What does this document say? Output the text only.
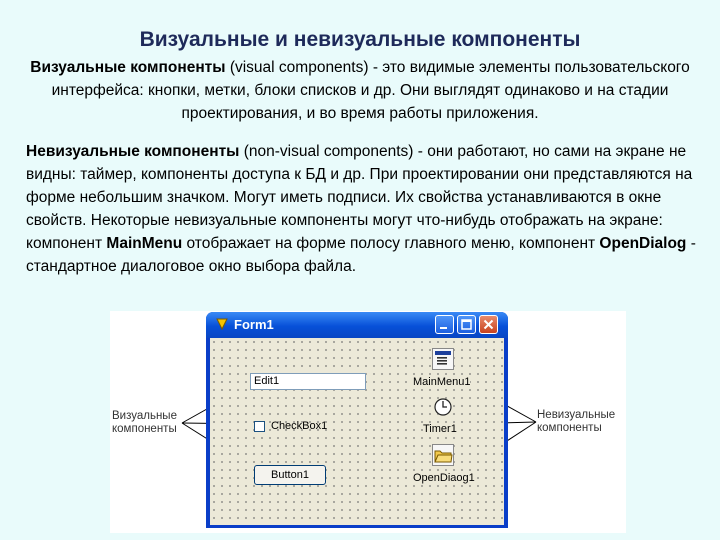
Визуальные и невизуальные компоненты
Визуальные компоненты (visual components) - это видимые элементы пользовательского интерфейса: кнопки, метки, блоки списков и др. Они выглядят одинаково и на стадии проектирования, и во время работы приложения.
Невизуальные компоненты (non-visual components) - они работают, но сами на экране не видны: таймер, компоненты доступа к БД и др. При проектировании они представляются на форме небольшим значком. Могут иметь подписи. Их свойства устанавливаются в окне свойств. Некоторые невизуальные компоненты могут что-нибудь отображать на экране: компонент MainMenu отображает на форме полосу главного меню, компонент OpenDialog - стандартное диалоговое окно выбора файла.
Визуальные компоненты
Невизуальные компоненты
Form1
Edit1
CheckBox1
Button1
MainMenu1
Timer1
OpenDiaog1
